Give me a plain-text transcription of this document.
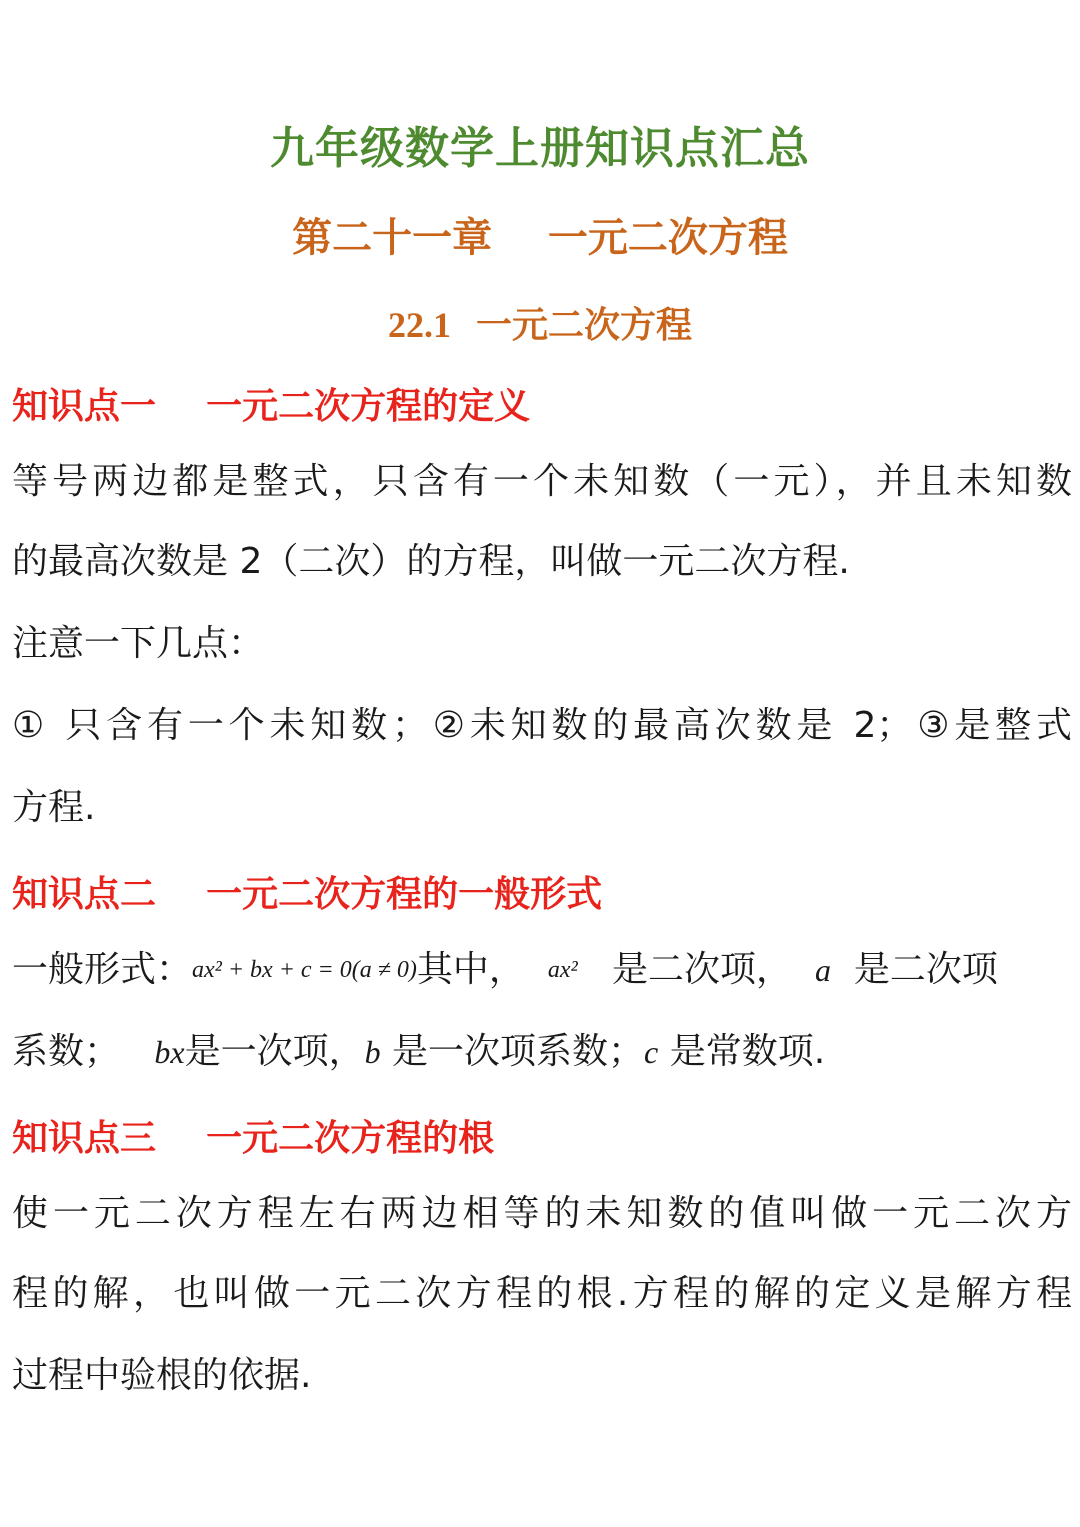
九年级数学上册知识点汇总
第二十一章    一元二次方程
22.1 一元二次方程
知识点一    一元二次方程的定义
等号两边都是整式，只含有一个未知数（一元），并且未知数
的最高次数是 2（二次）的方程，叫做一元二次方程.
注意一下几点：
① 只含有一个未知数；②未知数的最高次数是 2；③是整式
方程.
知识点二    一元二次方程的一般形式
一般形式：ax² + bx + c = 0(a ≠ 0)其中， ax² 是二次项， a 是二次项
系数； bx是一次项，b 是一次项系数；c 是常数项.
知识点三    一元二次方程的根
使一元二次方程左右两边相等的未知数的值叫做一元二次方
程的解，也叫做一元二次方程的根.方程的解的定义是解方程
过程中验根的依据.
